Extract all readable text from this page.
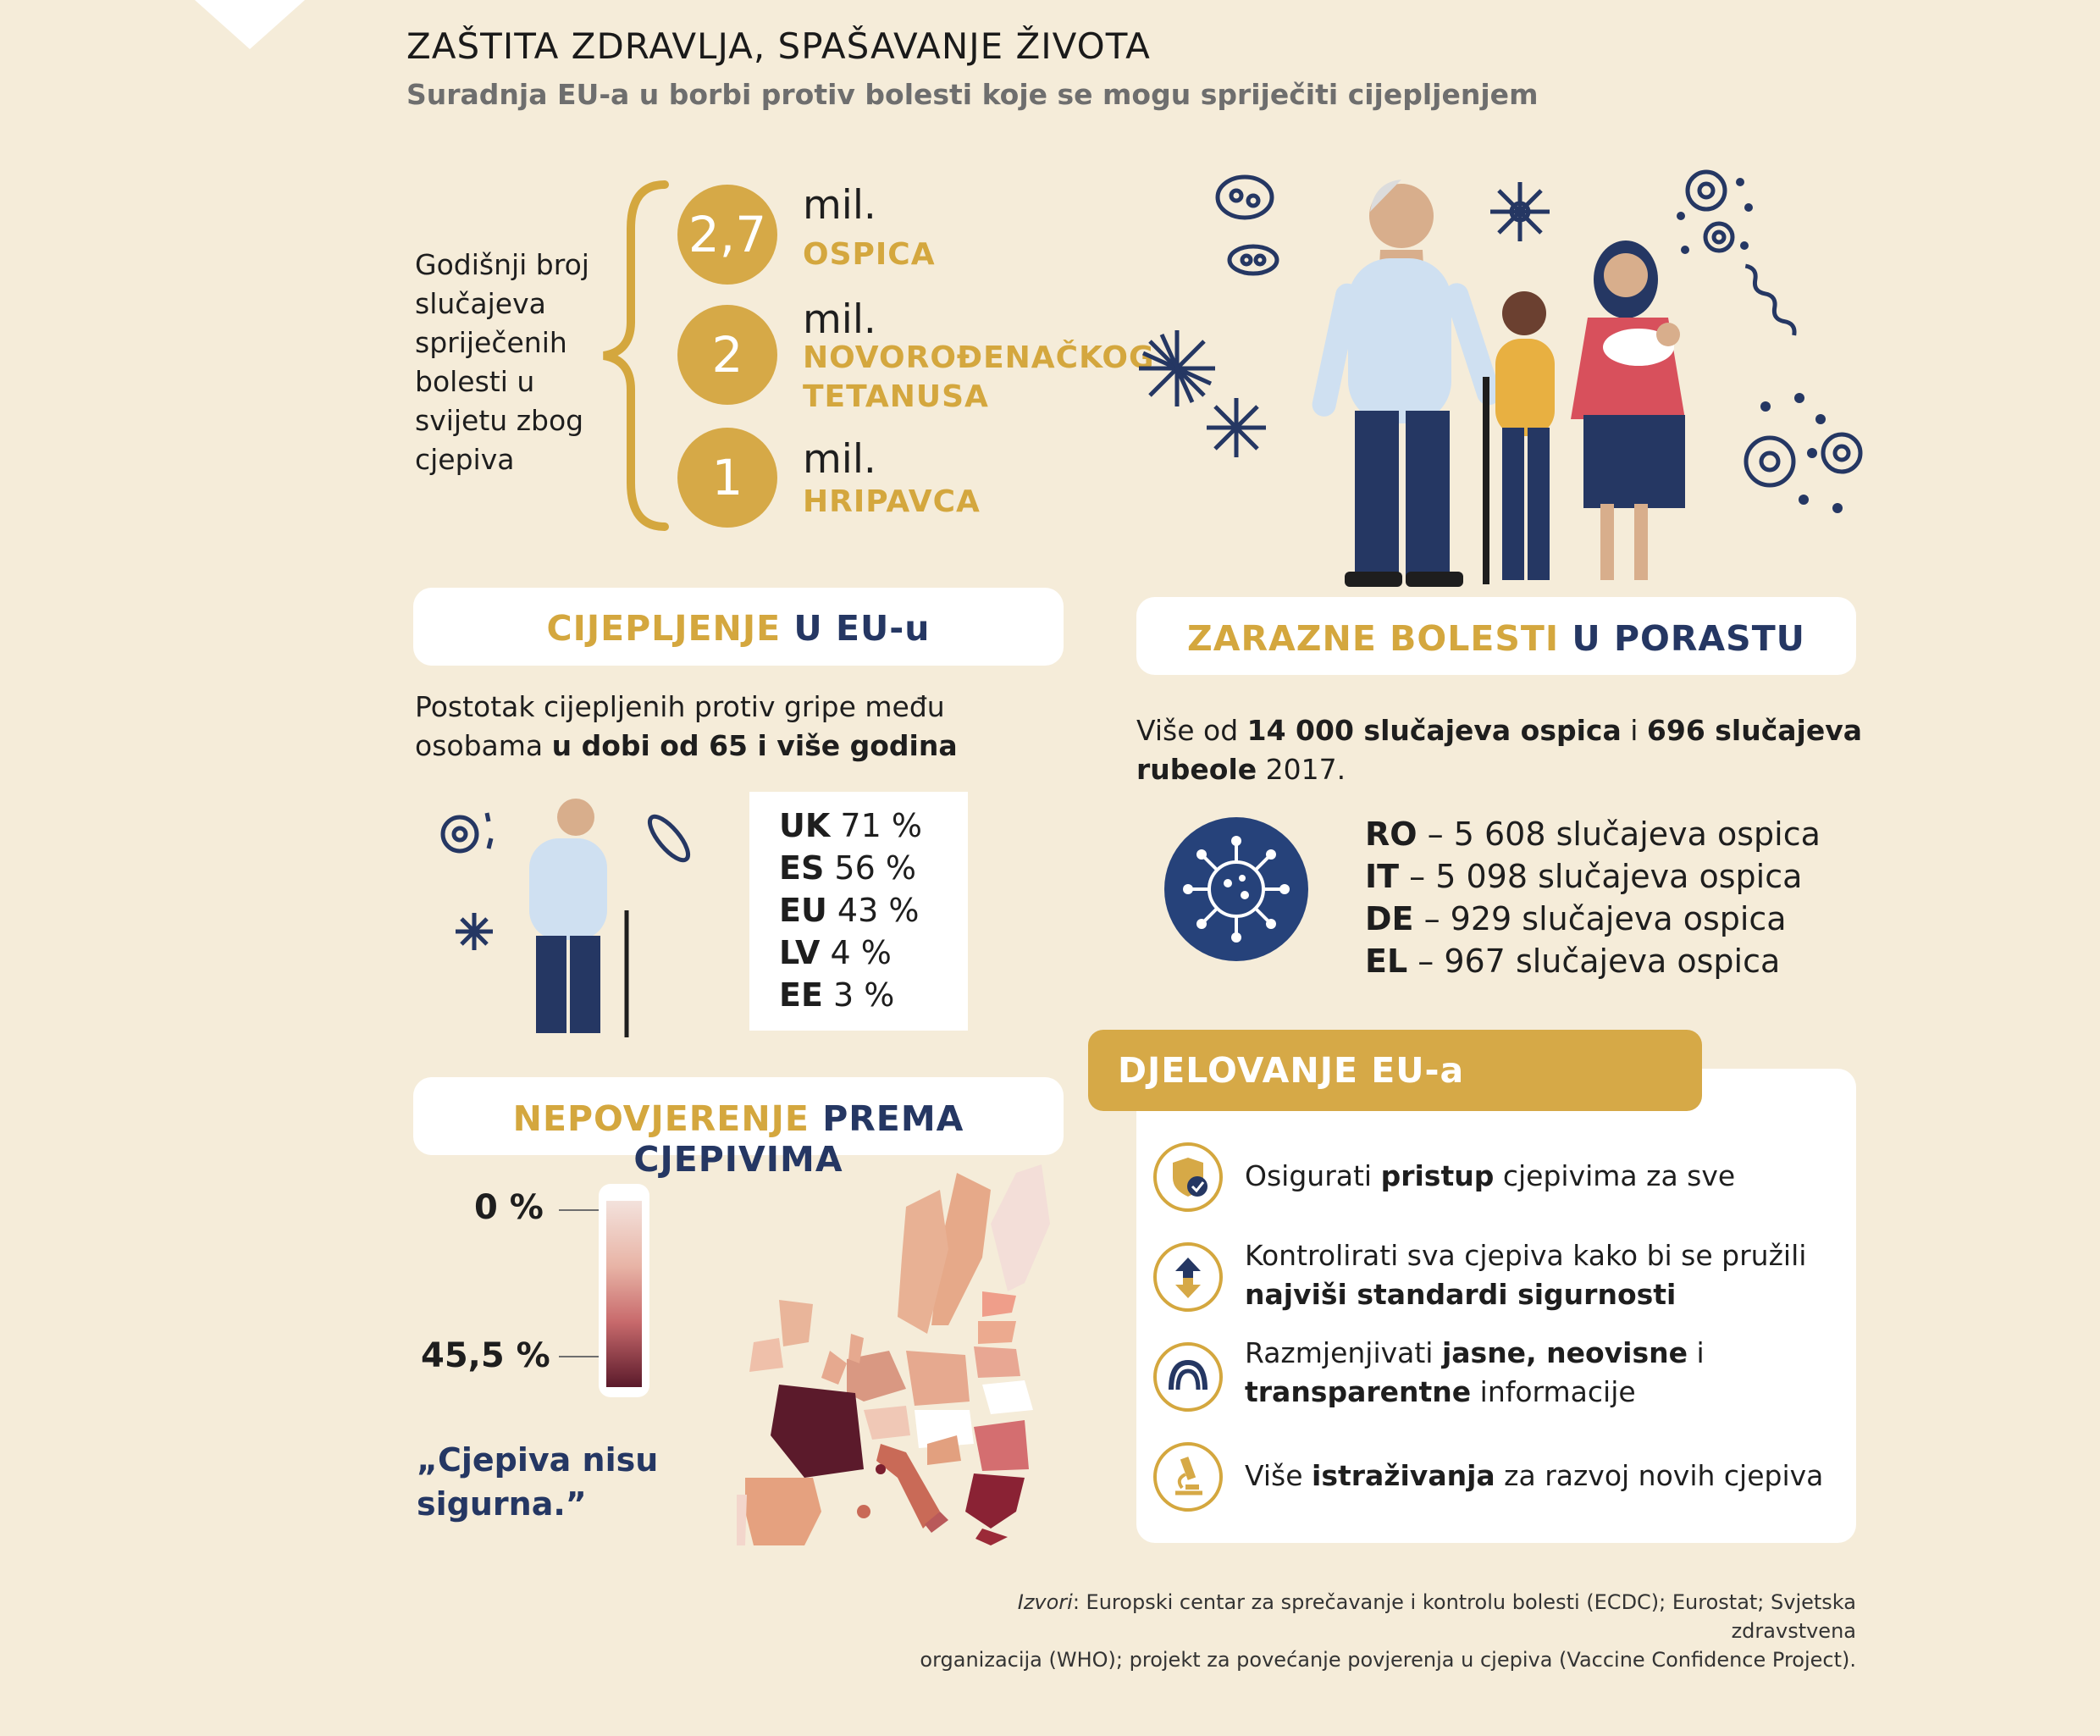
ZAŠTITA ZDRAVLJA, SPAŠAVANJE ŽIVOTA
Suradnja EU-a u borbi protiv bolesti koje se mogu spriječiti cijepljenjem
Godišnji broj
slučajeva
spriječenih
bolesti u
svijetu zbog
cjepiva
2,7
mil.
OSPICA
2
mil.
NOVOROĐENAČKOG
TETANUSA
1	mil.
HRIPAVCA
CIJEPLJENJE U EU-u
Postotak cijepljenih protiv gripe među
osobama u dobi od 65 i više godina
UK 71 %
ES 56 %
EU 43 %
LV 4 %
EE 3 %
ZARAZNE BOLESTI U PORASTU
Više od 14 000 slučajeva ospica i 696 slučajeva
rubeole 2017.
RO – 5 608 slučajeva ospica
IT – 5 098 slučajeva ospica
DE – 929 slučajeva ospica
EL – 967 slučajeva ospica
NEPOVJERENJE PREMA CJEPIVIMA
0 %
45,5 %
„Cjepiva nisu
sigurna.”
DJELOVANJE EU-a
Osigurati pristup cjepivima za sve
Kontrolirati sva cjepiva kako bi se pružili
najviši standardi sigurnosti
Razmjenjivati jasne, neovisne i
transparentne informacije
Više istraživanja za razvoj novih cjepiva
Izvori: Europski centar za sprečavanje i kontrolu bolesti (ECDC); Eurostat; Svjetska zdravstvena
organizacija (WHO); projekt za povećanje povjerenja u cjepiva (Vaccine Confidence Project).
